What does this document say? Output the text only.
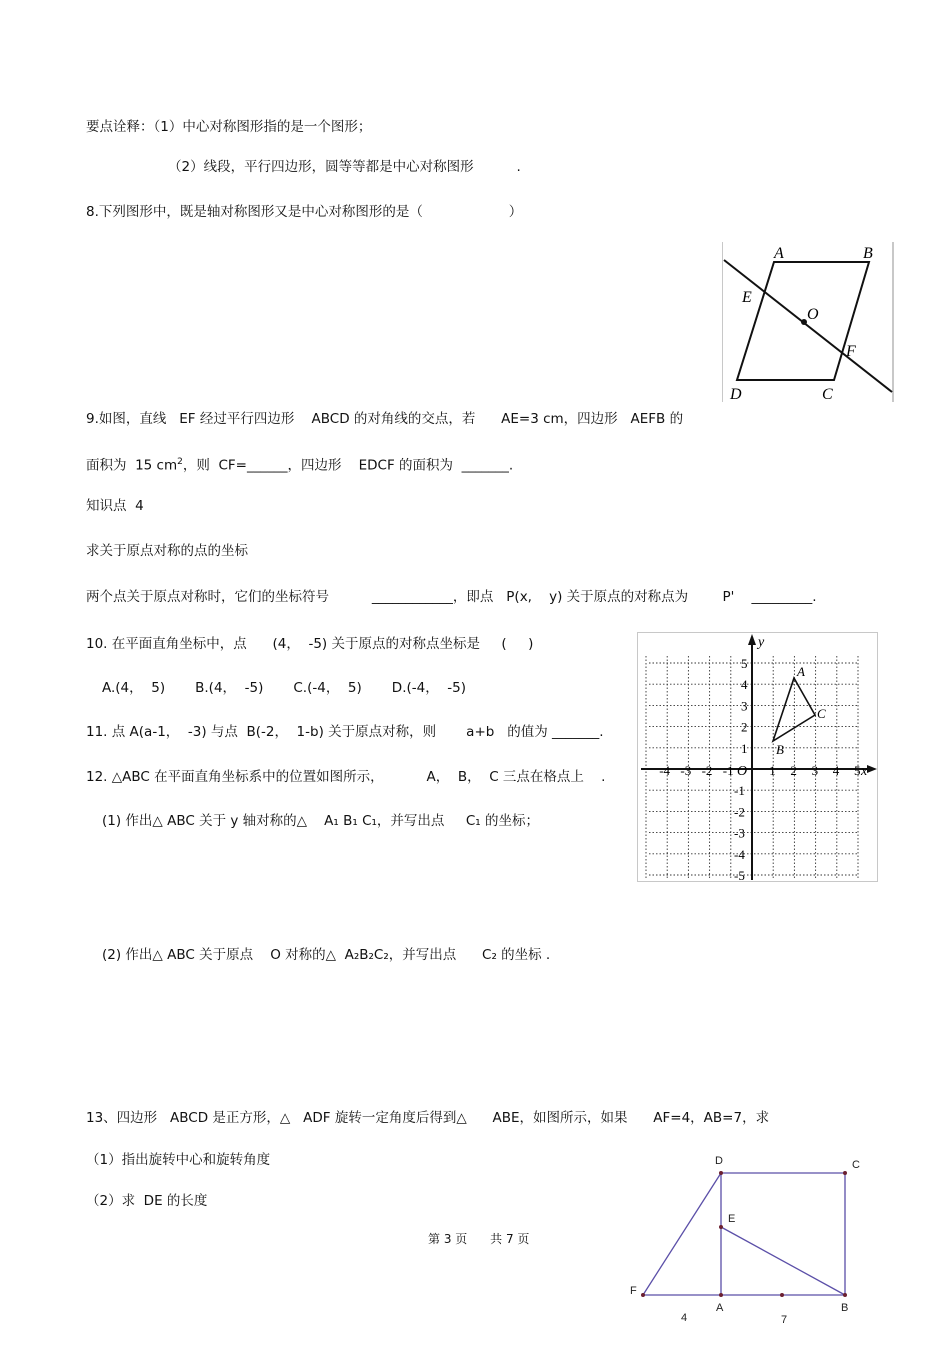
要点诠释：（1）中心对称图形指的是一个图形；
（2）线段，平行四边形，圆等等都是中心对称图形          .
8.下列图形中，既是轴对称图形又是中心对称图形的是（                    ）
9.如图，直线   EF 经过平行四边形    ABCD 的对角线的交点，若      AE=3 cm，四边形   AEFB 的
面积为  15 $cm^2$，则  CF=______，四边形    EDCF 的面积为  _______.
知识点  4
求关于原点对称的点的坐标
两个点关于原点对称时，它们的坐标符号          ____________，即点   P(x,    y) 关于原点的对称点为        P'    _________.
10. 在平面直角坐标中，点      (4，  -5) 关于原点的对称点坐标是     (     )
A.(4，  5)       B.(4，  -5)       C.(-4，  5)       D.(-4，  -5)
11. 点 A(a-1，  -3) 与点  B(-2，  1-b) 关于原点对称，则       a+b   的值为 _______.
12. △ABC 在平面直角坐标系中的位置如图所示，          A，  B，  C 三点在格点上    .
(1) 作出△ ABC 关于 y 轴对称的△    A₁ B₁ C₁，并写出点     C₁ 的坐标；
(2) 作出△ ABC 关于原点    O 对称的△  A₂B₂C₂，并写出点      C₂ 的坐标 .
13、四边形   ABCD 是正方形，△   ADF 旋转一定角度后得到△      ABE，如图所示，如果      AF=4，AB=7，求
（1）指出旋转中心和旋转角度
（2）求  DE 的长度
第 3 页      共 7 页
A	B
E
O
F
D	C
y
x
O
-4 -3 -2 -1	1 2 3 4 5
5
4
3
2
1
-1
-2
-3
-4
-5
A
C
B
D	C
E
F
A	B
4	7
